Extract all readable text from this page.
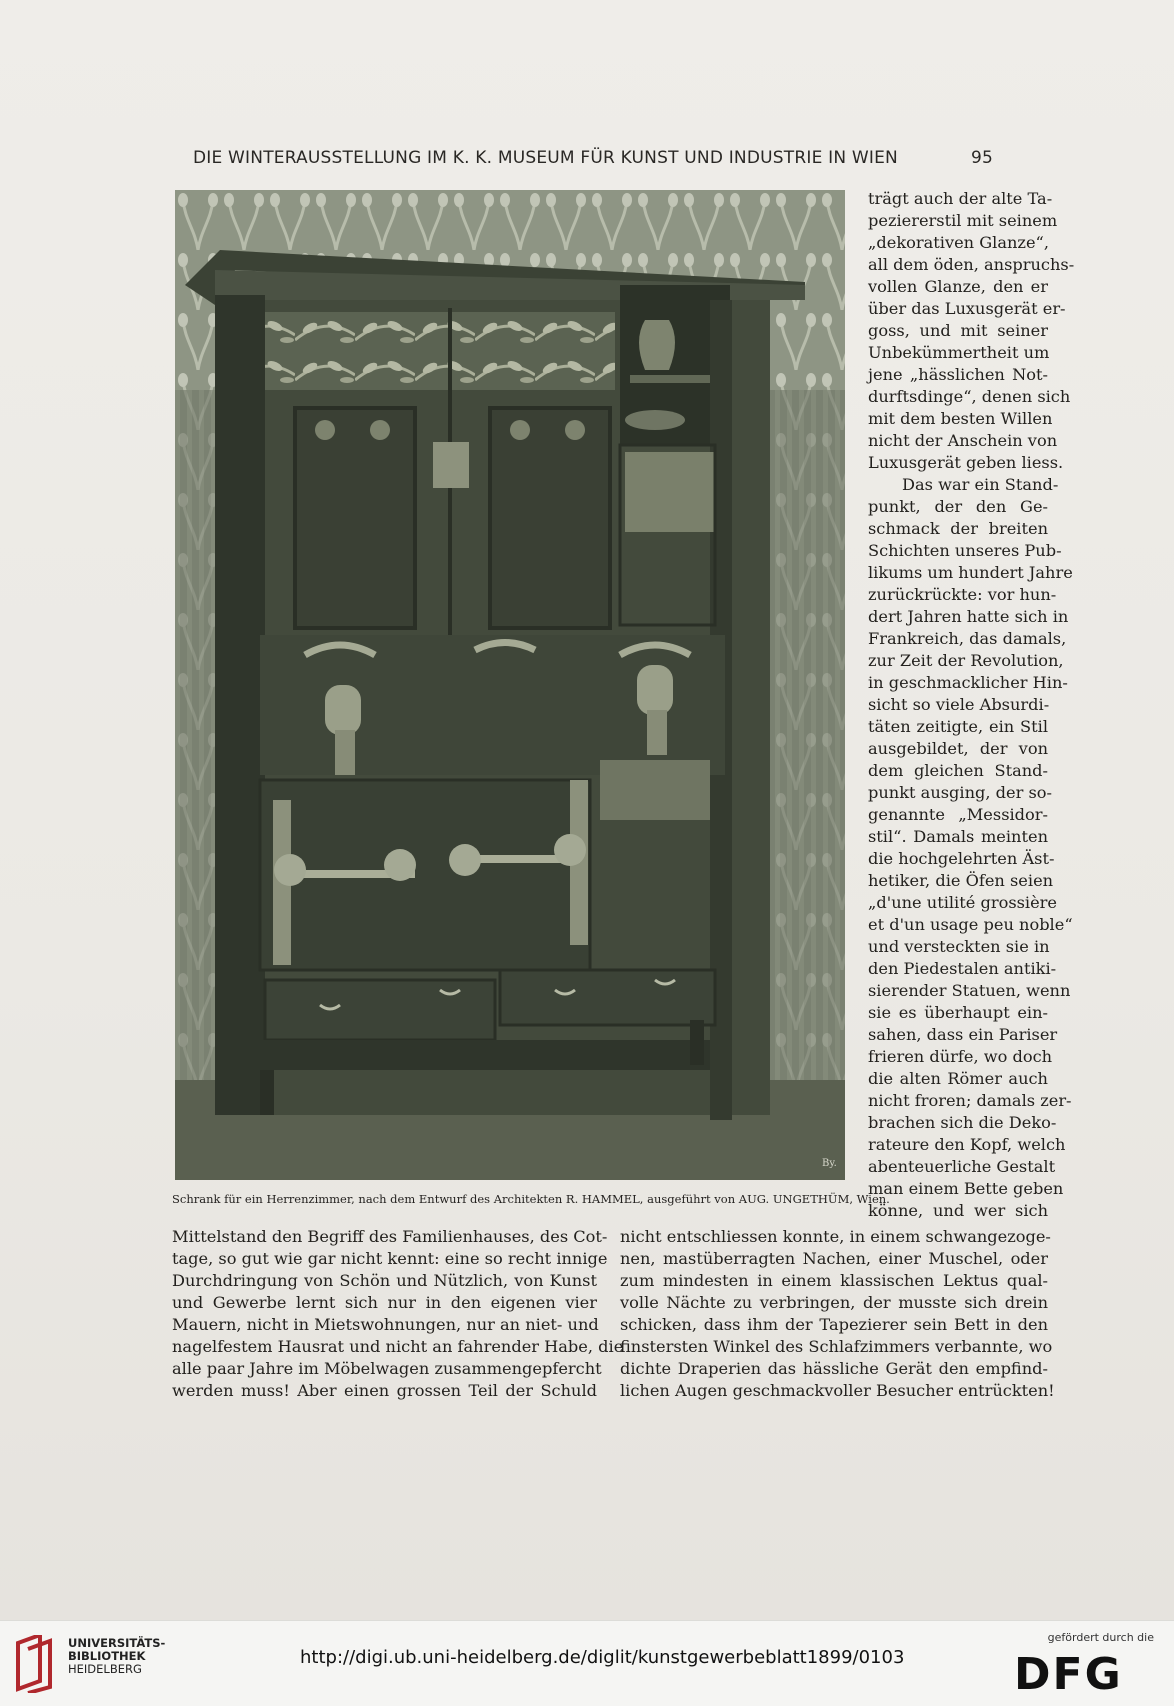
DIE WINTERAUSSTELLUNG IM K. K. MUSEUM FÜR KUNST UND INDUSTRIE IN WIEN	95
By.
Schrank für ein Herrenzimmer, nach dem Entwurf des Architekten R. HAMMEL, ausgeführt von AUG. UNGETHÜM, Wien.
trägt auch der alte Ta-
peziererstil mit seinem
„dekorativen Glanze“,
all dem öden, anspruchs-
vollen Glanze, den er
über das Luxusgerät er-
goss, und mit seiner
Unbekümmertheit um
jene „hässlichen Not-
durftsdinge“, denen sich
mit dem besten Willen
nicht der Anschein von
Luxusgerät geben liess.
Das war ein Stand-
punkt, der den Ge-
schmack der breiten
Schichten unseres Pub-
likums um hundert Jahre
zurückrückte: vor hun-
dert Jahren hatte sich in
Frankreich, das damals,
zur Zeit der Revolution,
in geschmacklicher Hin-
sicht so viele Absurdi-
täten zeitigte, ein Stil
ausgebildet, der von
dem gleichen Stand-
punkt ausging, der so-
genannte „Messidor-
stil“. Damals meinten
die hochgelehrten Äst-
hetiker, die Öfen seien
„d'une utilité grossière
et d'un usage peu noble“
und versteckten sie in
den Piedestalen antiki-
sierender Statuen, wenn
sie es überhaupt ein-
sahen, dass ein Pariser
frieren dürfe, wo doch
die alten Römer auch
nicht froren; damals zer-
brachen sich die Deko-
rateure den Kopf, welch
abenteuerliche Gestalt
man einem Bette geben
könne, und wer sich
Mittelstand den Begriff des Familienhauses, des Cot-
tage, so gut wie gar nicht kennt: eine so recht innige
Durchdringung von Schön und Nützlich, von Kunst
und Gewerbe lernt sich nur in den eigenen vier
Mauern, nicht in Mietswohnungen, nur an niet- und
nagelfestem Hausrat und nicht an fahrender Habe, die
alle paar Jahre im Möbelwagen zusammengepfercht
werden muss! Aber einen grossen Teil der Schuld
nicht entschliessen konnte, in einem schwangezoge-
nen, mastüberragten Nachen, einer Muschel, oder
zum mindesten in einem klassischen Lektus qual-
volle Nächte zu verbringen, der musste sich drein
schicken, dass ihm der Tapezierer sein Bett in den
finstersten Winkel des Schlafzimmers verbannte, wo
dichte Draperien das hässliche Gerät den empfind-
lichen Augen geschmackvoller Besucher entrückten!
UNIVERSITÄTS-
BIBLIOTHEK
HEIDELBERG
http://digi.ub.uni-heidelberg.de/diglit/kunstgewerbeblatt1899/0103
gefördert durch die
DFG
